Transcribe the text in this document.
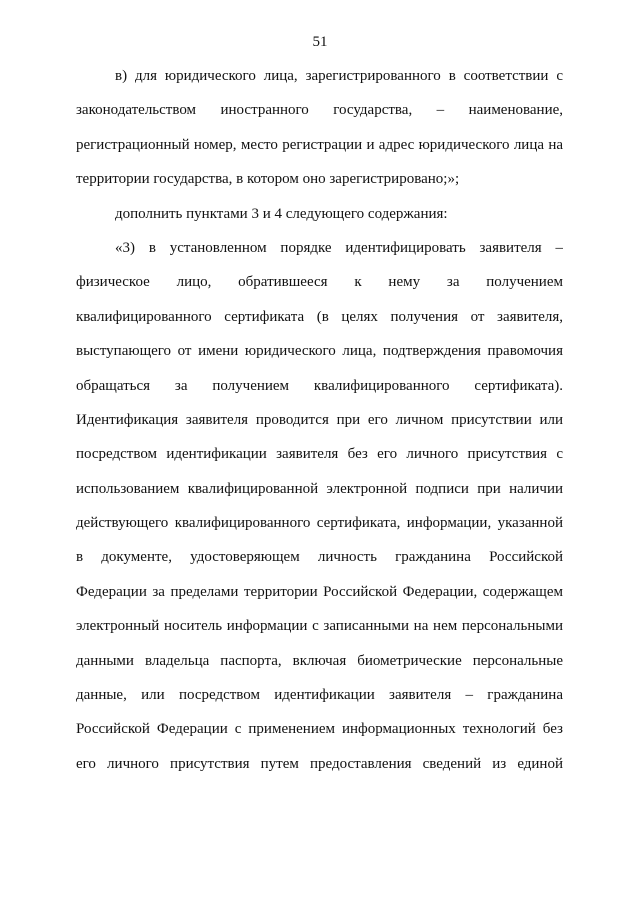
51
в) для юридического лица, зарегистрированного в соответствии с
законодательством иностранного государства, – наименование,
регистрационный номер, место регистрации и адрес юридического лица на
территории государства, в котором оно зарегистрировано;»;
дополнить пунктами 3 и 4 следующего содержания:
«3) в установленном порядке идентифицировать заявителя –
физическое лицо, обратившееся к нему за получением
квалифицированного сертификата (в целях получения от заявителя,
выступающего от имени юридического лица, подтверждения правомочия
обращаться за получением квалифицированного сертификата).
Идентификация заявителя проводится при его личном присутствии или
посредством идентификации заявителя без его личного присутствия с
использованием квалифицированной электронной подписи при наличии
действующего квалифицированного сертификата, информации, указанной
в документе, удостоверяющем личность гражданина Российской
Федерации за пределами территории Российской Федерации, содержащем
электронный носитель информации с записанными на нем персональными
данными владельца паспорта, включая биометрические персональные
данные, или посредством идентификации заявителя – гражданина
Российской Федерации с применением информационных технологий без
его личного присутствия путем предоставления сведений из единой
